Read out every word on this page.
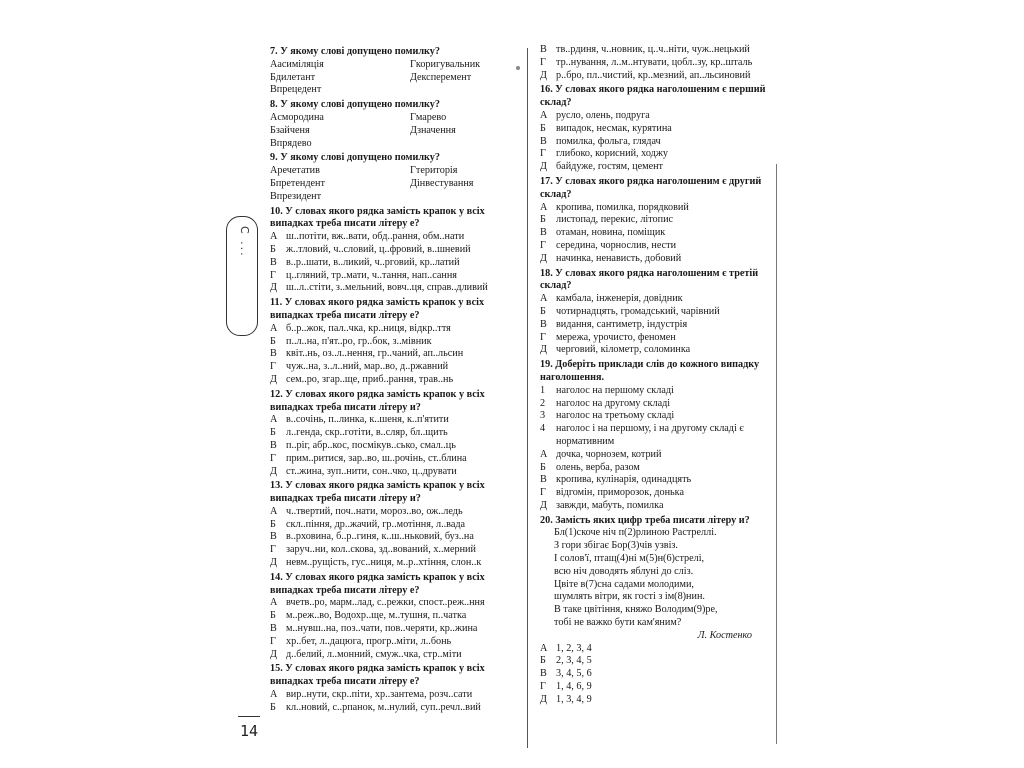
С ...
7. У якому слові допущено помилку?
А асиміляція	Г коригувальник
Б дилетант	Д експеремент
В прецедент
8. У якому слові допущено помилку?
А смородина	Г марево
Б зайченя	Д значення
В прядево
9. У якому слові допущено помилку?
А речетатив	Г територія
Б претендент	Д інвестування
В президент
10. У словах якого рядка замість крапок у всіх випадках треба писати літеру е?
А ш..потіти, вж..вати, обд..рання, обм..нати
Б ж..тловий, ч..словий, ц..фровий, в..шневий
В в..р..шати, в..ликий, ч..рговий, кр..латий
Г ц..гляний, тр..мати, ч..тання, нап..сання
Д ш..л..стіти, з..мельний, вовч..ця, справ..дливий
11. У словах якого рядка замість крапок у всіх випадках треба писати літеру е?
А б..р..жок, пал..чка, кр..ниця, відкр..ття
Б п..л..на, п'ят..ро, гр..бок, з..мівник
В квіт..нь, оз..л..нення, гр..чаний, ап..льсин
Г чуж..на, з..л..ний, мар..во, д..ржавний
Д сем..ро, згар..ще, приб..рання, трав..нь
12. У словах якого рядка замість крапок у всіх випадках треба писати літеру и?
А в..сочінь, п..линка, к..шеня, к..п'ятити
Б л..генда, скр..готіти, в..сляр, бл..щить
В п..ріг, абр..кос, посмікув..сько, смал..ць
Г прим..ритися, зар..во, ш..рочінь, ст..блина
Д ст..жина, зуп..нити, сон..чко, ц..друвати
13. У словах якого рядка замість крапок у всіх випадках треба писати літеру и?
А ч..твертий, поч..нати, мороз..во, ож..ледь
Б скл..піння, др..жачий, гр..мотіння, л..вада
В в..рховина, б..р..гиня, к..ш..ньковий, буз..на
Г заруч..ни, кол..скова, зд..вований, х..мерний
Д невм..рущість, гус..ниця, м..р..хтіння, слон..к
14. У словах якого рядка замість крапок у всіх випадках треба писати літеру е?
А вчетв..ро, марм..лад, с..режки, спост..реж..ння
Б м..реж..во, Водохр..ще, м..тушня, п..чатка
В м..нувш..на, поз..чати, пов..черяти, кр..жина
Г хр..бет, л..дацюга, прогр..міти, л..бонь
Д д..белий, л..монний, смуж..чка, стр..міти
15. У словах якого рядка замість крапок у всіх випадках треба писати літеру е?
А вир..нути, скр..піти, хр..зантема, розч..сати
Б кл..новий, с..рпанок, м..нулий, суп..речл..вий
В тв..рдиня, ч..новник, ц..ч..ніти, чуж..нецький
Г тр..нування, л..м..нтувати, цобл..зу, кр..шталь
Д р..бро, пл..чистий, кр..мезний, ап..льсиновий
16. У словах якого рядка наголошеним є перший склад?
А русло, олень, подруга
Б випадок, несмак, курятина
В помилка, фольга, глядач
Г глибоко, корисний, ходжу
Д байдуже, гостям, цемент
17. У словах якого рядка наголошеним є другий склад?
А кропива, помилка, порядковий
Б листопад, перекис, літопис
В отаман, новина, поміщик
Г середина, чорнослив, нести
Д начинка, ненависть, добовий
18. У словах якого рядка наголошеним є третій склад?
А камбала, інженерія, довідник
Б чотирнадцять, громадський, чарівний
В видання, сантиметр, індустрія
Г мережа, урочисто, феномен
Д черговий, кілометр, соломинка
19. Доберіть приклади слів до кожного випадку наголошення.
1	наголос на першому складі
2	наголос на другому складі
3	наголос на третьому складі
4	наголос і на першому, і на другому складі є нормативним
А дочка, чорнозем, котрий
Б олень, верба, разом
В кропива, кулінарія, одинадцять
Г відгомін, приморозок, донька
Д завжди, мабуть, помилка
20. Замість яких цифр треба писати літеру и?
Бл(1)скоче ніч п(2)рлиною Растреллі.
З гори збігає Бор(3)чів узвіз.
І солов'ї, птащ(4)ні м(5)н(6)стрелі,
всю ніч доводять яблуні до сліз.
Цвіте в(7)сна садами молодими,
шумлять вітри, як гості з ім(8)нин.
В таке цвітіння, княжо Володим(9)ре,
тобі не важко бути кам'яним?
Л. Костенко
А 1, 2, 3, 4
Б 2, 3, 4, 5
В 3, 4, 5, 6
Г 1, 4, 6, 9
Д 1, 3, 4, 9
14
